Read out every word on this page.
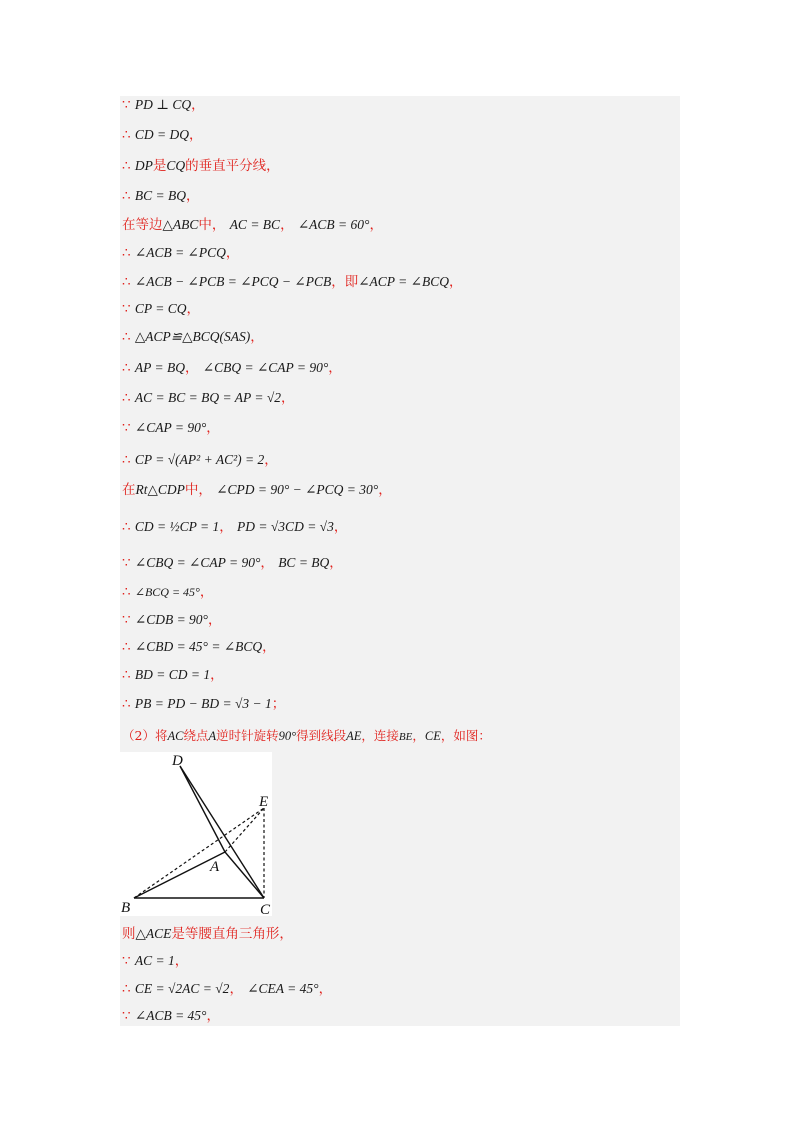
∵ PD ⊥ CQ，
∴ CD = DQ，
∴ DP是CQ的垂直平分线，
∴ BC = BQ，
在等边△ABC中， AC = BC， ∠ACB = 60°，
∴ ∠ACB = ∠PCQ，
∴ ∠ACB − ∠PCB = ∠PCQ − ∠PCB，即∠ACP = ∠BCQ，
∵ CP = CQ，
∴ △ACP≌△BCQ(SAS)，
∴ AP = BQ， ∠CBQ = ∠CAP = 90°，
∴ AC = BC = BQ = AP = √2，
∵ ∠CAP = 90°，
∴ CP = √(AP² + AC²) = 2，
在Rt△CDP中， ∠CPD = 90° − ∠PCQ = 30°，
∴ CD = ½CP = 1， PD = √3CD = √3，
∵ ∠CBQ = ∠CAP = 90°， BC = BQ，
∴ ∠BCQ = 45°，
∵ ∠CDB = 90°，
∴ ∠CBD = 45° = ∠BCQ，
∴ BD = CD = 1，
∴ PB = PD − BD = √3 − 1；
（2）将AC绕点A逆时针旋转90°得到线段AE，连接BE，CE，如图：
D
E
A
B	C
则△ACE是等腰直角三角形，
∵ AC = 1，
∴ CE = √2AC = √2， ∠CEA = 45°，
∵ ∠ACB = 45°，
